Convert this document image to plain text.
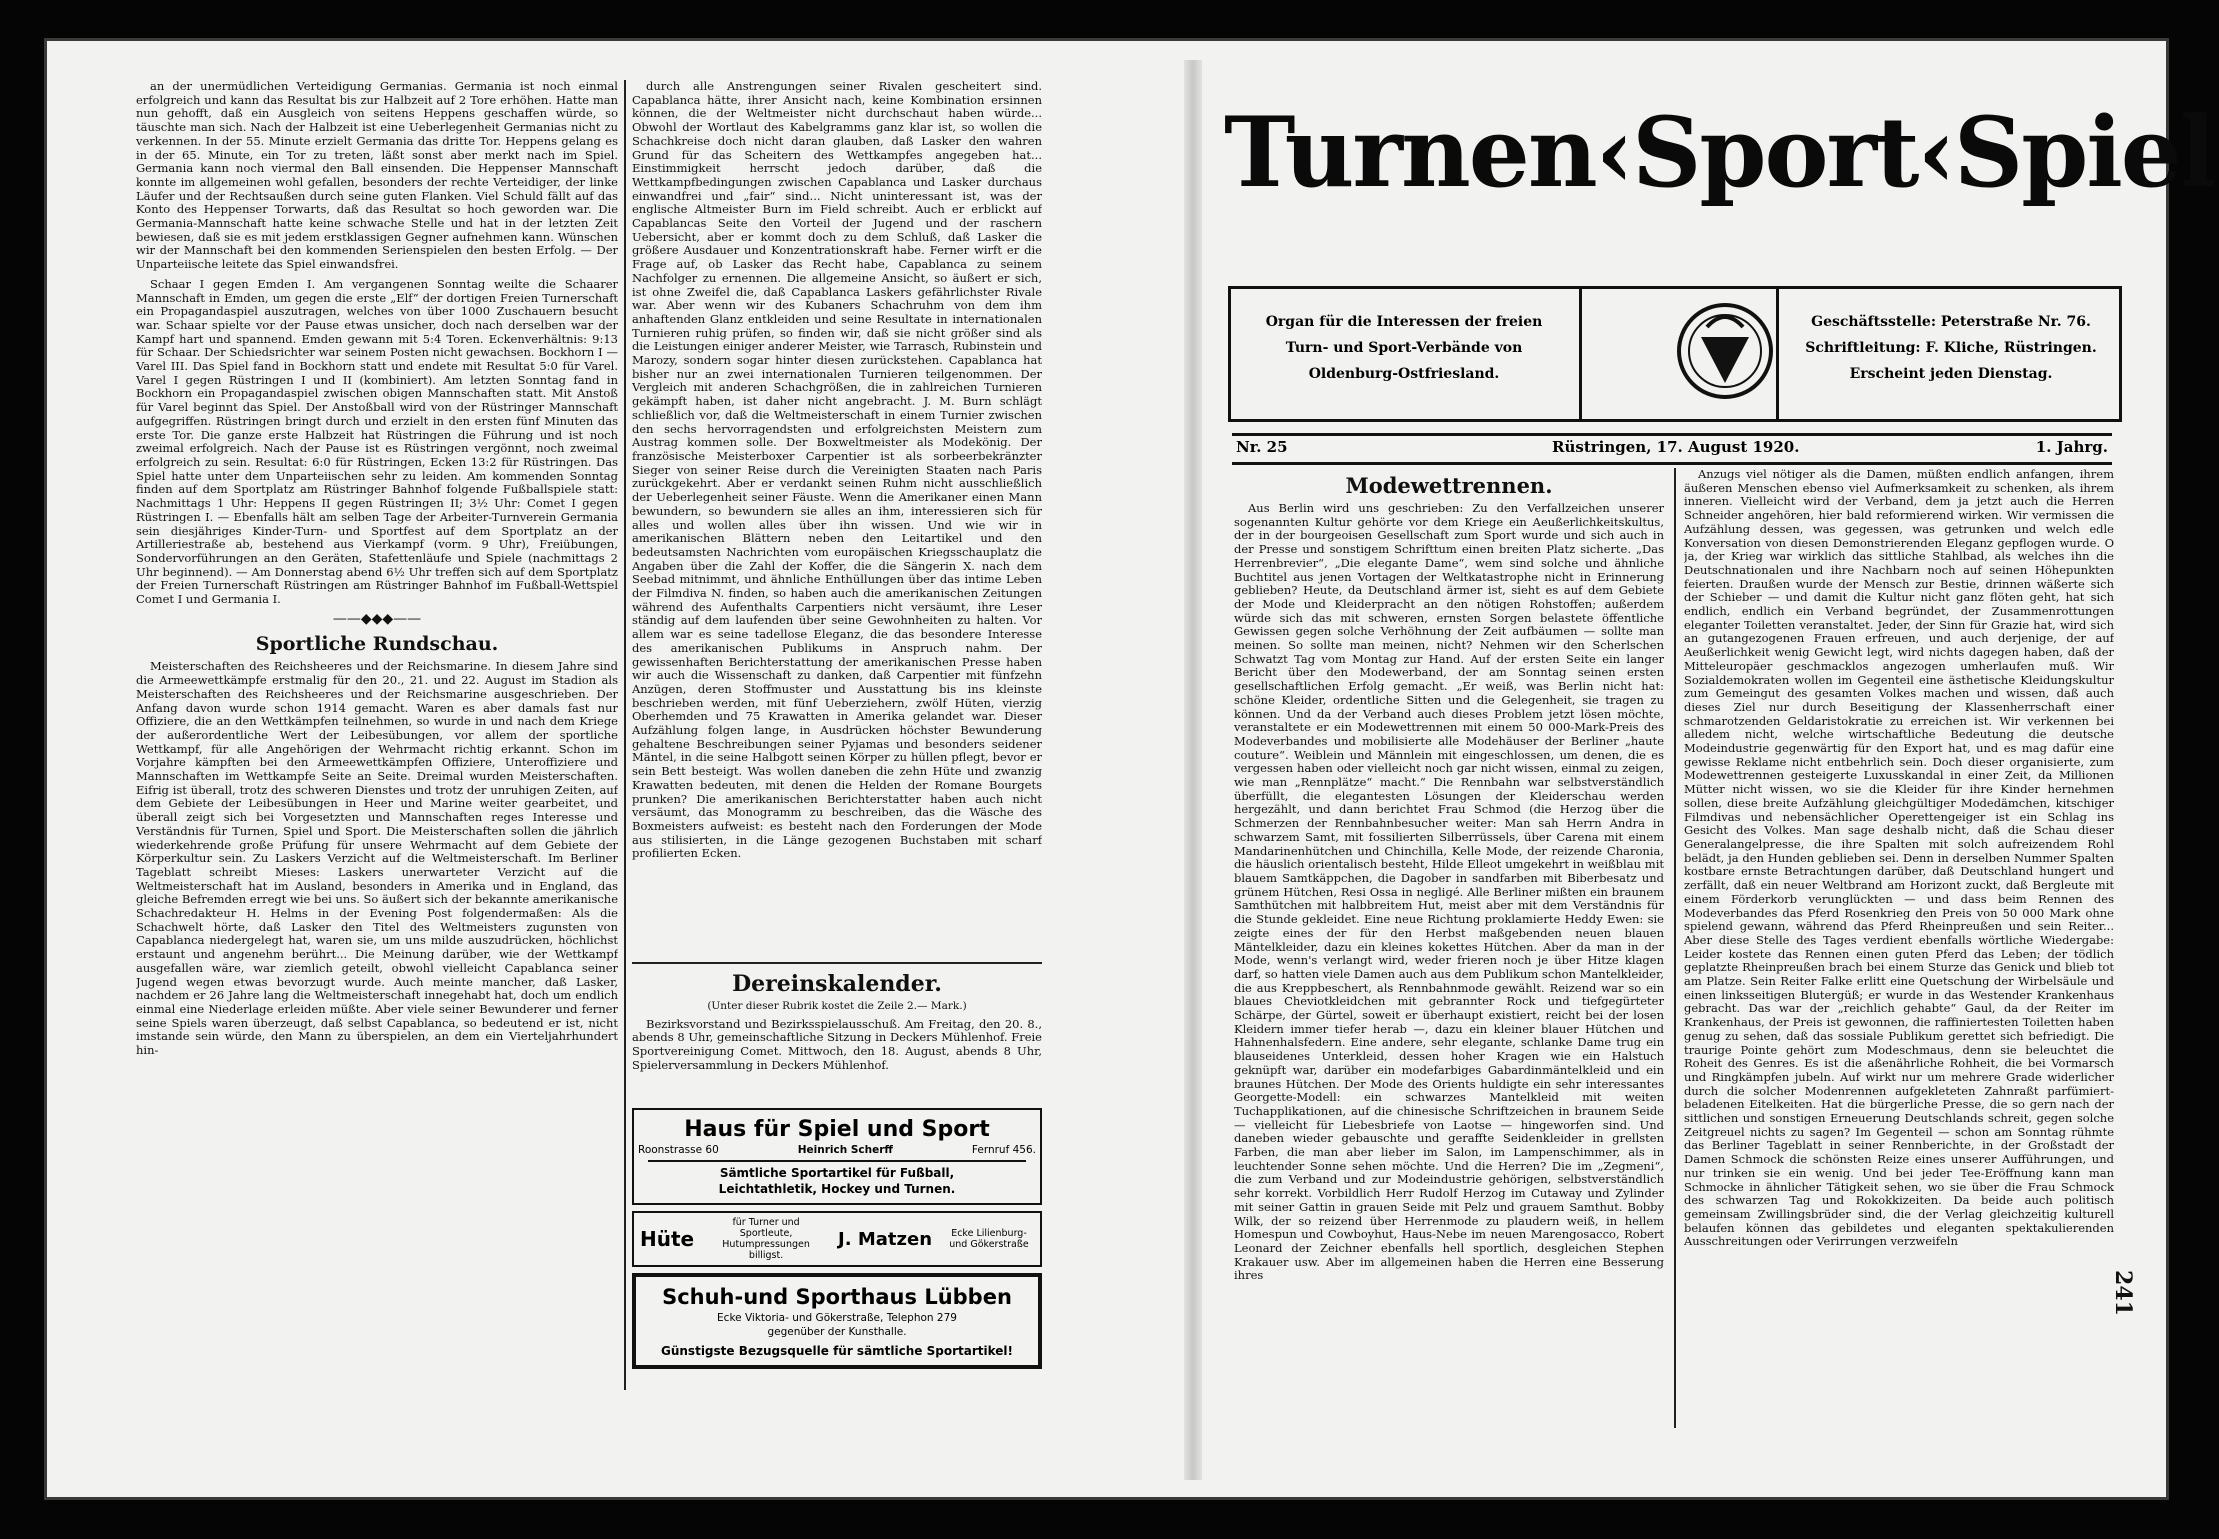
an der unermüdlichen Verteidigung Germanias. Germania ist noch einmal erfolgreich und kann das Resultat bis zur Halbzeit auf 2 Tore erhöhen. Hatte man nun gehofft, daß ein Ausgleich von seitens Heppens geschaffen würde, so täuschte man sich. Nach der Halbzeit ist eine Ueberlegenheit Germanias nicht zu verkennen. In der 55. Minute erzielt Germania das dritte Tor. Heppens gelang es in der 65. Minute, ein Tor zu treten, läßt sonst aber merkt nach im Spiel. Germania kann noch viermal den Ball einsenden. Die Heppenser Mannschaft konnte im allgemeinen wohl gefallen, besonders der rechte Verteidiger, der linke Läufer und der Rechtsaußen durch seine guten Flanken. Viel Schuld fällt auf das Konto des Heppenser Torwarts, daß das Resultat so hoch geworden war. Die Germania-Mannschaft hatte keine schwache Stelle und hat in der letzten Zeit bewiesen, daß sie es mit jedem erstklassigen Gegner aufnehmen kann. Wünschen wir der Mannschaft bei den kommenden Serienspielen den besten Erfolg. — Der Unparteiische leitete das Spiel einwandsfrei.

Schaar I gegen Emden I. Am vergangenen Sonntag weilte die Schaarer Mannschaft in Emden, um gegen die erste „Elf“ der dortigen Freien Turnerschaft ein Propagandaspiel auszutragen, welches von über 1000 Zuschauern besucht war. Schaar spielte vor der Pause etwas unsicher, doch nach derselben war der Kampf hart und spannend. Emden gewann mit 5:4 Toren. Eckenverhältnis: 9:13 für Schaar. Der Schiedsrichter war seinem Posten nicht gewachsen. Bockhorn I — Varel III. Das Spiel fand in Bockhorn statt und endete mit Resultat 5:0 für Varel. Varel I gegen Rüstringen I und II (kombiniert). Am letzten Sonntag fand in Bockhorn ein Propagandaspiel zwischen obigen Mannschaften statt. Mit Anstoß für Varel beginnt das Spiel. Der Anstoßball wird von der Rüstringer Mannschaft aufgegriffen. Rüstringen bringt durch und erzielt in den ersten fünf Minuten das erste Tor. Die ganze erste Halbzeit hat Rüstringen die Führung und ist noch zweimal erfolgreich. Nach der Pause ist es Rüstringen vergönnt, noch zweimal erfolgreich zu sein. Resultat: 6:0 für Rüstringen, Ecken 13:2 für Rüstringen. Das Spiel hatte unter dem Unparteiischen sehr zu leiden. Am kommenden Sonntag finden auf dem Sportplatz am Rüstringer Bahnhof folgende Fußballspiele statt: Nachmittags 1 Uhr: Heppens II gegen Rüstringen II; 3½ Uhr: Comet I gegen Rüstringen I. — Ebenfalls hält am selben Tage der Arbeiter-Turnverein Germania sein diesjähriges Kinder-Turn- und Sportfest auf dem Sportplatz an der Artilleriestraße ab, bestehend aus Vierkampf (vorm. 9 Uhr), Freiübungen, Sondervorführungen an den Geräten, Stafettenläufe und Spiele (nachmittags 2 Uhr beginnend). — Am Donnerstag abend 6½ Uhr treffen sich auf dem Sportplatz der Freien Turnerschaft Rüstringen am Rüstringer Bahnhof im Fußball-Wettspiel Comet I und Germania I.

——◆◆◆——
Sportliche Rundschau.

Meisterschaften des Reichsheeres und der Reichsmarine. In diesem Jahre sind die Armeewettkämpfe erstmalig für den 20., 21. und 22. August im Stadion als Meisterschaften des Reichsheeres und der Reichsmarine ausgeschrieben. Der Anfang davon wurde schon 1914 gemacht. Waren es aber damals fast nur Offiziere, die an den Wettkämpfen teilnehmen, so wurde in und nach dem Kriege der außerordentliche Wert der Leibesübungen, vor allem der sportliche Wettkampf, für alle Angehörigen der Wehrmacht richtig erkannt. Schon im Vorjahre kämpften bei den Armeewettkämpfen Offiziere, Unteroffiziere und Mannschaften im Wettkampfe Seite an Seite. Dreimal wurden Meisterschaften. Eifrig ist überall, trotz des schweren Dienstes und trotz der unruhigen Zeiten, auf dem Gebiete der Leibesübungen in Heer und Marine weiter gearbeitet, und überall zeigt sich bei Vorgesetzten und Mannschaften reges Interesse und Verständnis für Turnen, Spiel und Sport. Die Meisterschaften sollen die jährlich wiederkehrende große Prüfung für unsere Wehrmacht auf dem Gebiete der Körperkultur sein. Zu Laskers Verzicht auf die Weltmeisterschaft. Im Berliner Tageblatt schreibt Mieses: Laskers unerwarteter Verzicht auf die Weltmeisterschaft hat im Ausland, besonders in Amerika und in England, das gleiche Befremden erregt wie bei uns. So äußert sich der bekannte amerikanische Schachredakteur H. Helms in der Evening Post folgendermaßen: Als die Schachwelt hörte, daß Lasker den Titel des Weltmeisters zugunsten von Capablanca niedergelegt hat, waren sie, um uns milde auszudrücken, höchlichst erstaunt und angenehm berührt... Die Meinung darüber, wie der Wettkampf ausgefallen wäre, war ziemlich geteilt, obwohl vielleicht Capablanca seiner Jugend wegen etwas bevorzugt wurde. Auch meinte mancher, daß Lasker, nachdem er 26 Jahre lang die Weltmeisterschaft innegehabt hat, doch um endlich einmal eine Niederlage erleiden müßte. Aber viele seiner Bewunderer und ferner seine Spiels waren überzeugt, daß selbst Capablanca, so bedeutend er ist, nicht imstande sein würde, den Mann zu überspielen, an dem ein Vierteljahrhundert hin-

durch alle Anstrengungen seiner Rivalen gescheitert sind. Capablanca hätte, ihrer Ansicht nach, keine Kombination ersinnen können, die der Weltmeister nicht durchschaut haben würde... Obwohl der Wortlaut des Kabelgramms ganz klar ist, so wollen die Schachkreise doch nicht daran glauben, daß Lasker den wahren Grund für das Scheitern des Wettkampfes angegeben hat... Einstimmigkeit herrscht jedoch darüber, daß die Wettkampfbedingungen zwischen Capablanca und Lasker durchaus einwandfrei und „fair“ sind... Nicht uninteressant ist, was der englische Altmeister Burn im Field schreibt. Auch er erblickt auf Capablancas Seite den Vorteil der Jugend und der raschern Uebersicht, aber er kommt doch zu dem Schluß, daß Lasker die größere Ausdauer und Konzentrationskraft habe. Ferner wirft er die Frage auf, ob Lasker das Recht habe, Capablanca zu seinem Nachfolger zu ernennen. Die allgemeine Ansicht, so äußert er sich, ist ohne Zweifel die, daß Capablanca Laskers gefährlichster Rivale war. Aber wenn wir des Kubaners Schachruhm von dem ihm anhaftenden Glanz entkleiden und seine Resultate in internationalen Turnieren ruhig prüfen, so finden wir, daß sie nicht größer sind als die Leistungen einiger anderer Meister, wie Tarrasch, Rubinstein und Marozy, sondern sogar hinter diesen zurückstehen. Capablanca hat bisher nur an zwei internationalen Turnieren teilgenommen. Der Vergleich mit anderen Schachgrößen, die in zahlreichen Turnieren gekämpft haben, ist daher nicht angebracht. J. M. Burn schlägt schließlich vor, daß die Weltmeisterschaft in einem Turnier zwischen den sechs hervorragendsten und erfolgreichsten Meistern zum Austrag kommen solle. Der Boxweltmeister als Modekönig. Der französische Meisterboxer Carpentier ist als sorbeerbekränzter Sieger von seiner Reise durch die Vereinigten Staaten nach Paris zurückgekehrt. Aber er verdankt seinen Ruhm nicht ausschließlich der Ueberlegenheit seiner Fäuste. Wenn die Amerikaner einen Mann bewundern, so bewundern sie alles an ihm, interessieren sich für alles und wollen alles über ihn wissen. Und wie wir in amerikanischen Blättern neben den Leitartikel und den bedeutsamsten Nachrichten vom europäischen Kriegsschauplatz die Angaben über die Zahl der Koffer, die die Sängerin X. nach dem Seebad mitnimmt, und ähnliche Enthüllungen über das intime Leben der Filmdiva N. finden, so haben auch die amerikanischen Zeitungen während des Aufenthalts Carpentiers nicht versäumt, ihre Leser ständig auf dem laufenden über seine Gewohnheiten zu halten. Vor allem war es seine tadellose Eleganz, die das besondere Interesse des amerikanischen Publikums in Anspruch nahm. Der gewissenhaften Berichterstattung der amerikanischen Presse haben wir auch die Wissenschaft zu danken, daß Carpentier mit fünfzehn Anzügen, deren Stoffmuster und Ausstattung bis ins kleinste beschrieben werden, mit fünf Ueberziehern, zwölf Hüten, vierzig Oberhemden und 75 Krawatten in Amerika gelandet war. Dieser Aufzählung folgen lange, in Ausdrücken höchster Bewunderung gehaltene Beschreibungen seiner Pyjamas und besonders seidener Mäntel, in die seine Halbgott seinen Körper zu hüllen pflegt, bevor er sein Bett besteigt. Was wollen daneben die zehn Hüte und zwanzig Krawatten bedeuten, mit denen die Helden der Romane Bourgets prunken? Die amerikanischen Berichterstatter haben auch nicht versäumt, das Monogramm zu beschreiben, das die Wäsche des Boxmeisters aufweist: es besteht nach den Forderungen der Mode aus stilisierten, in die Länge gezogenen Buchstaben mit scharf profilierten Ecken.

Dereinskalender.
(Unter dieser Rubrik kostet die Zeile 2.— Mark.)

Bezirksvorstand und Bezirksspielausschuß. Am Freitag, den 20. 8., abends 8 Uhr, gemeinschaftliche Sitzung in Deckers Mühlenhof. Freie Sportvereinigung Comet. Mittwoch, den 18. August, abends 8 Uhr, Spielerversammlung in Deckers Mühlenhof.

Haus für Spiel und Sport
Roonstrasse 60	Heinrich Scherff	Fernruf 456.
Sämtliche Sportartikel für Fußball,
Leichtathletik, Hockey und Turnen.
Hüte
für Turner und Sportleute, Hutumpressungen billigst.
J. Matzen	Ecke Lilienburg- und Gökerstraße
Schuh-und Sporthaus Lübben
Ecke Viktoria- und Gökerstraße, Telephon 279
gegenüber der Kunsthalle.
Günstigste Bezugsquelle für sämtliche Sportartikel!
Turnen‹Sport‹Spiel
Organ für die Interessen der freien
Turn- und Sport-Verbände von
Oldenburg-Ostfriesland.
Geschäftsstelle: Peterstraße Nr. 76.
Schriftleitung: F. Kliche, Rüstringen.
Erscheint jeden Dienstag.
Nr. 25	Rüstringen, 17. August 1920.	1. Jahrg.
Modewettrennen.

Aus Berlin wird uns geschrieben: Zu den Verfallzeichen unserer sogenannten Kultur gehörte vor dem Kriege ein Aeußerlichkeitskultus, der in der bourgeoisen Gesellschaft zum Sport wurde und sich auch in der Presse und sonstigem Schrifttum einen breiten Platz sicherte. „Das Herrenbrevier“, „Die elegante Dame“, wem sind solche und ähnliche Buchtitel aus jenen Vortagen der Weltkatastrophe nicht in Erinnerung geblieben? Heute, da Deutschland ärmer ist, sieht es auf dem Gebiete der Mode und Kleiderpracht an den nötigen Rohstoffen; außerdem würde sich das mit schweren, ernsten Sorgen belastete öffentliche Gewissen gegen solche Verhöhnung der Zeit aufbäumen — sollte man meinen. So sollte man meinen, nicht? Nehmen wir den Scherlschen Schwatzt Tag vom Montag zur Hand. Auf der ersten Seite ein langer Bericht über den Modewerband, der am Sonntag seinen ersten gesellschaftlichen Erfolg gemacht. „Er weiß, was Berlin nicht hat: schöne Kleider, ordentliche Sitten und die Gelegenheit, sie tragen zu können. Und da der Verband auch dieses Problem jetzt lösen möchte, veranstaltete er ein Modewettrennen mit einem 50 000-Mark-Preis des Modeverbandes und mobilisierte alle Modehäuser der Berliner „haute couture“. Weiblein und Männlein mit eingeschlossen, um denen, die es vergessen haben oder vielleicht noch gar nicht wissen, einmal zu zeigen, wie man „Rennplätze“ macht.“ Die Rennbahn war selbstverständlich überfüllt, die elegantesten Lösungen der Kleiderschau werden hergezählt, und dann berichtet Frau Schmod (die Herzog über die Schmerzen der Rennbahnbesucher weiter: Man sah Herrn Andra in schwarzem Samt, mit fossilierten Silberrüssels, über Carena mit einem Mandarinenhütchen und Chinchilla, Kelle Mode, der reizende Charonia, die häuslich orientalisch besteht, Hilde Elleot umgekehrt in weißblau mit blauem Samtkäppchen, die Dagober in sandfarben mit Biberbesatz und grünem Hütchen, Resi Ossa in negligé. Alle Berliner mißten ein braunem Samthütchen mit halbbreitem Hut, meist aber mit dem Verständnis für die Stunde gekleidet. Eine neue Richtung proklamierte Heddy Ewen: sie zeigte eines der für den Herbst maßgebenden neuen blauen Mäntelkleider, dazu ein kleines kokettes Hütchen. Aber da man in der Mode, wenn's verlangt wird, weder frieren noch je über Hitze klagen darf, so hatten viele Damen auch aus dem Publikum schon Mantelkleider, die aus Kreppbeschert, als Rennbahnmode gewählt. Reizend war so ein blaues Cheviotkleidchen mit gebrannter Rock und tiefgegürteter Schärpe, der Gürtel, soweit er überhaupt existiert, reicht bei der losen Kleidern immer tiefer herab —, dazu ein kleiner blauer Hütchen und Hahnenhalsfedern. Eine andere, sehr elegante, schlanke Dame trug ein blauseidenes Unterkleid, dessen hoher Kragen wie ein Halstuch geknüpft war, darüber ein modefarbiges Gabardinmäntelkleid und ein braunes Hütchen. Der Mode des Orients huldigte ein sehr interessantes Georgette-Modell: ein schwarzes Mantelkleid mit weiten Tuchapplikationen, auf die chinesische Schriftzeichen in braunem Seide — vielleicht für Liebesbriefe von Laotse — hingeworfen sind. Und daneben wieder gebauschte und geraffte Seidenkleider in grellsten Farben, die man aber lieber im Salon, im Lampenschimmer, als in leuchtender Sonne sehen möchte. Und die Herren? Die im „Zegmeni“, die zum Verband und zur Modeindustrie gehörigen, selbstverständlich sehr korrekt. Vorbildlich Herr Rudolf Herzog im Cutaway und Zylinder mit seiner Gattin in grauen Seide mit Pelz und grauem Samthut. Bobby Wilk, der so reizend über Herrenmode zu plaudern weiß, in hellem Homespun und Cowboyhut, Haus-Nebe im neuen Marengosacco, Robert Leonard der Zeichner ebenfalls hell sportlich, desgleichen Stephen Krakauer usw. Aber im allgemeinen haben die Herren eine Besserung ihres

Anzugs viel nötiger als die Damen, müßten endlich anfangen, ihrem äußeren Menschen ebenso viel Aufmerksamkeit zu schenken, als ihrem inneren. Vielleicht wird der Verband, dem ja jetzt auch die Herren Schneider angehören, hier bald reformierend wirken. Wir vermissen die Aufzählung dessen, was gegessen, was getrunken und welch edle Konversation von diesen Demonstrierenden Eleganz gepflogen wurde. O ja, der Krieg war wirklich das sittliche Stahlbad, als welches ihn die Deutschnationalen und ihre Nachbarn noch auf seinen Höhepunkten feierten. Draußen wurde der Mensch zur Bestie, drinnen wäßerte sich der Schieber — und damit die Kultur nicht ganz flöten geht, hat sich endlich, endlich ein Verband begründet, der Zusammenrottungen eleganter Toiletten veranstaltet. Jeder, der Sinn für Grazie hat, wird sich an gutangezogenen Frauen erfreuen, und auch derjenige, der auf Aeußerlichkeit wenig Gewicht legt, wird nichts dagegen haben, daß der Mitteleuropäer geschmacklos angezogen umherlaufen muß. Wir Sozialdemokraten wollen im Gegenteil eine ästhetische Kleidungskultur zum Gemeingut des gesamten Volkes machen und wissen, daß auch dieses Ziel nur durch Beseitigung der Klassenherrschaft einer schmarotzenden Geldaristokratie zu erreichen ist. Wir verkennen bei alledem nicht, welche wirtschaftliche Bedeutung die deutsche Modeindustrie gegenwärtig für den Export hat, und es mag dafür eine gewisse Reklame nicht entbehrlich sein. Doch dieser organisierte, zum Modewettrennen gesteigerte Luxusskandal in einer Zeit, da Millionen Mütter nicht wissen, wo sie die Kleider für ihre Kinder hernehmen sollen, diese breite Aufzählung gleichgültiger Modedämchen, kitschiger Filmdivas und nebensächlicher Operettengeiger ist ein Schlag ins Gesicht des Volkes. Man sage deshalb nicht, daß die Schau dieser Generalangelpresse, die ihre Spalten mit solch aufreizendem Rohl belädt, ja den Hunden geblieben sei. Denn in derselben Nummer Spalten kostbare ernste Betrachtungen darüber, daß Deutschland hungert und zerfällt, daß ein neuer Weltbrand am Horizont zuckt, daß Bergleute mit einem Förderkorb verunglückten — und dass beim Rennen des Modeverbandes das Pferd Rosenkrieg den Preis von 50 000 Mark ohne spielend gewann, während das Pferd Rheinpreußen und sein Reiter... Aber diese Stelle des Tages verdient ebenfalls wörtliche Wiedergabe: Leider kostete das Rennen einen guten Pferd das Leben; der tödlich geplatzte Rheinpreußen brach bei einem Sturze das Genick und blieb tot am Platze. Sein Reiter Falke erlitt eine Quetschung der Wirbelsäule und einen linksseitigen Blutergüß; er wurde in das Westender Krankenhaus gebracht. Das war der „reichlich gehabte“ Gaul, da der Reiter im Krankenhaus, der Preis ist gewonnen, die raffiniertesten Toiletten haben genug zu sehen, daß das sossiale Publikum gerettet sich befriedigt. Die traurige Pointe gehört zum Modeschmaus, denn sie beleuchtet die Roheit des Genres. Es ist die aßenährliche Rohheit, die bei Vormarsch und Ringkämpfen jubeln. Auf wirkt nur um mehrere Grade widerlicher durch die solcher Modenrennen aufgekleteten Zahnraßt parfümiert-beladenen Eitelkeiten. Hat die bürgerliche Presse, die so gern nach der sittlichen und sonstigen Erneuerung Deutschlands schreit, gegen solche Zeitgreuel nichts zu sagen? Im Gegenteil — schon am Sonntag rühmte das Berliner Tageblatt in seiner Rennberichte, in der Großstadt der Damen Schmock die schönsten Reize eines unserer Aufführungen, und nur trinken sie ein wenig. Und bei jeder Tee-Eröffnung kann man Schmocke in ähnlicher Tätigkeit sehen, wo sie über die Frau Schmock des schwarzen Tag und Rokokkizeiten. Da beide auch politisch gemeinsam Zwillingsbrüder sind, die der Verlag gleichzeitig kulturell belaufen können das gebildetes und eleganten spektakulierenden Ausschreitungen oder Verirrungen verzweifeln

241
